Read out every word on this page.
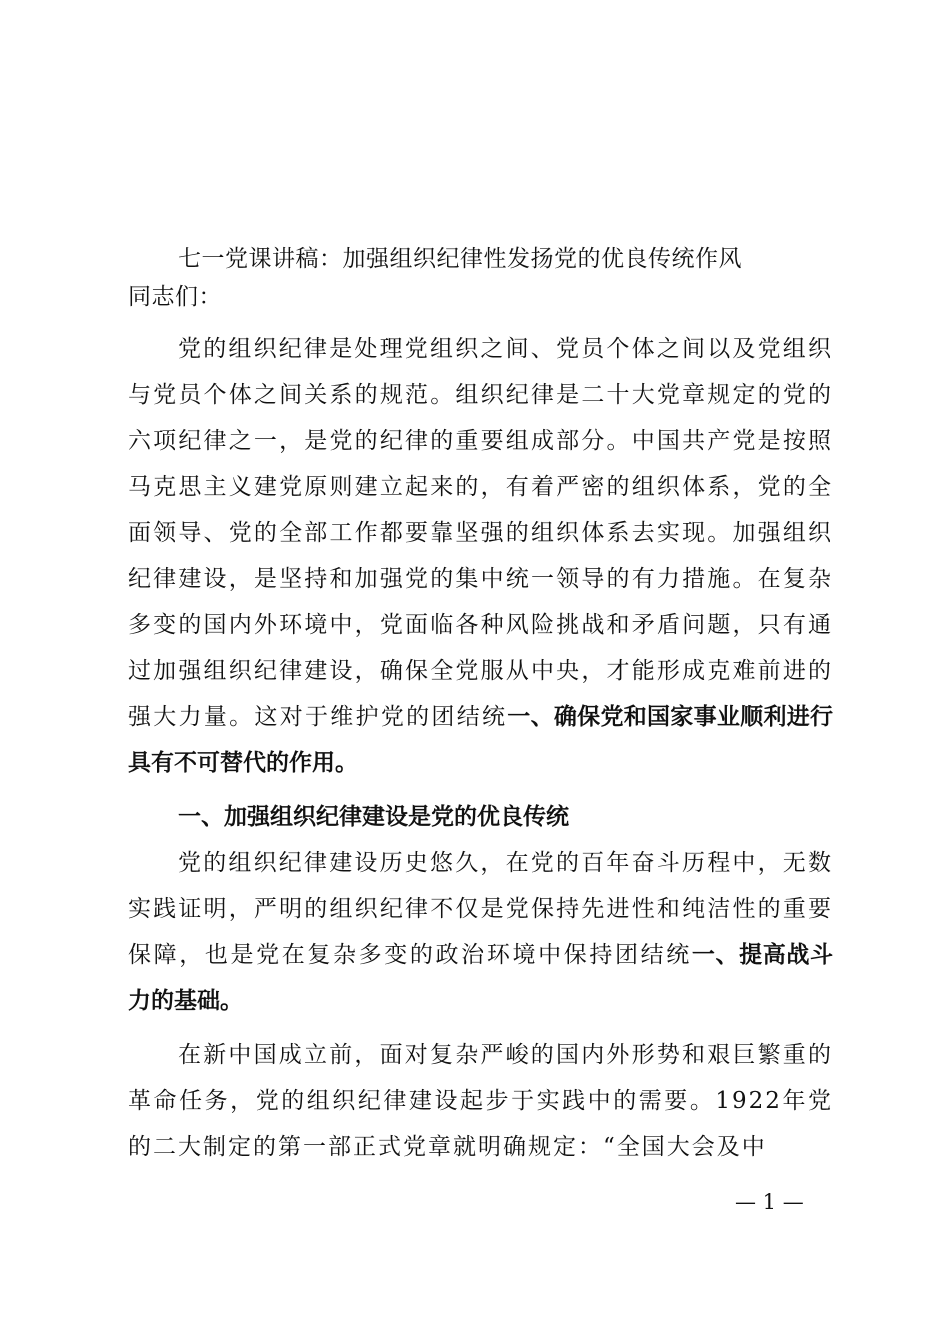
七一党课讲稿：加强组织纪律性发扬党的优良传统作风

同志们：

党的组织纪律是处理党组织之间、党员个体之间以及党组织与党员个体之间关系的规范。组织纪律是二十大党章规定的党的六项纪律之一，是党的纪律的重要组成部分。中国共产党是按照马克思主义建党原则建立起来的，有着严密的组织体系，党的全面领导、党的全部工作都要靠坚强的组织体系去实现。加强组织纪律建设，是坚持和加强党的集中统一领导的有力措施。在复杂多变的国内外环境中，党面临各种风险挑战和矛盾问题，只有通过加强组织纪律建设，确保全党服从中央，才能形成克难前进的强大力量。这对于维护党的团结统一、确保党和国家事业顺利进行具有不可替代的作用。

一、加强组织纪律建设是党的优良传统

党的组织纪律建设历史悠久，在党的百年奋斗历程中，无数实践证明，严明的组织纪律不仅是党保持先进性和纯洁性的重要保障，也是党在复杂多变的政治环境中保持团结统一、提高战斗力的基础。

在新中国成立前，面对复杂严峻的国内外形势和艰巨繁重的革命任务，党的组织纪律建设起步于实践中的需要。1922年党的二大制定的第一部正式党章就明确规定：“全国大会及中

— 1 —
